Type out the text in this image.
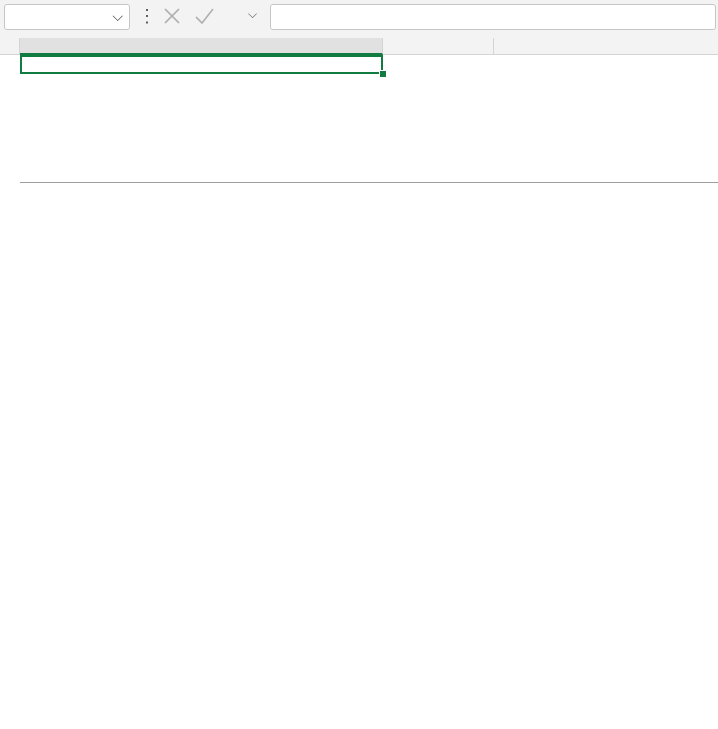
⌵ ⋮	⌵
